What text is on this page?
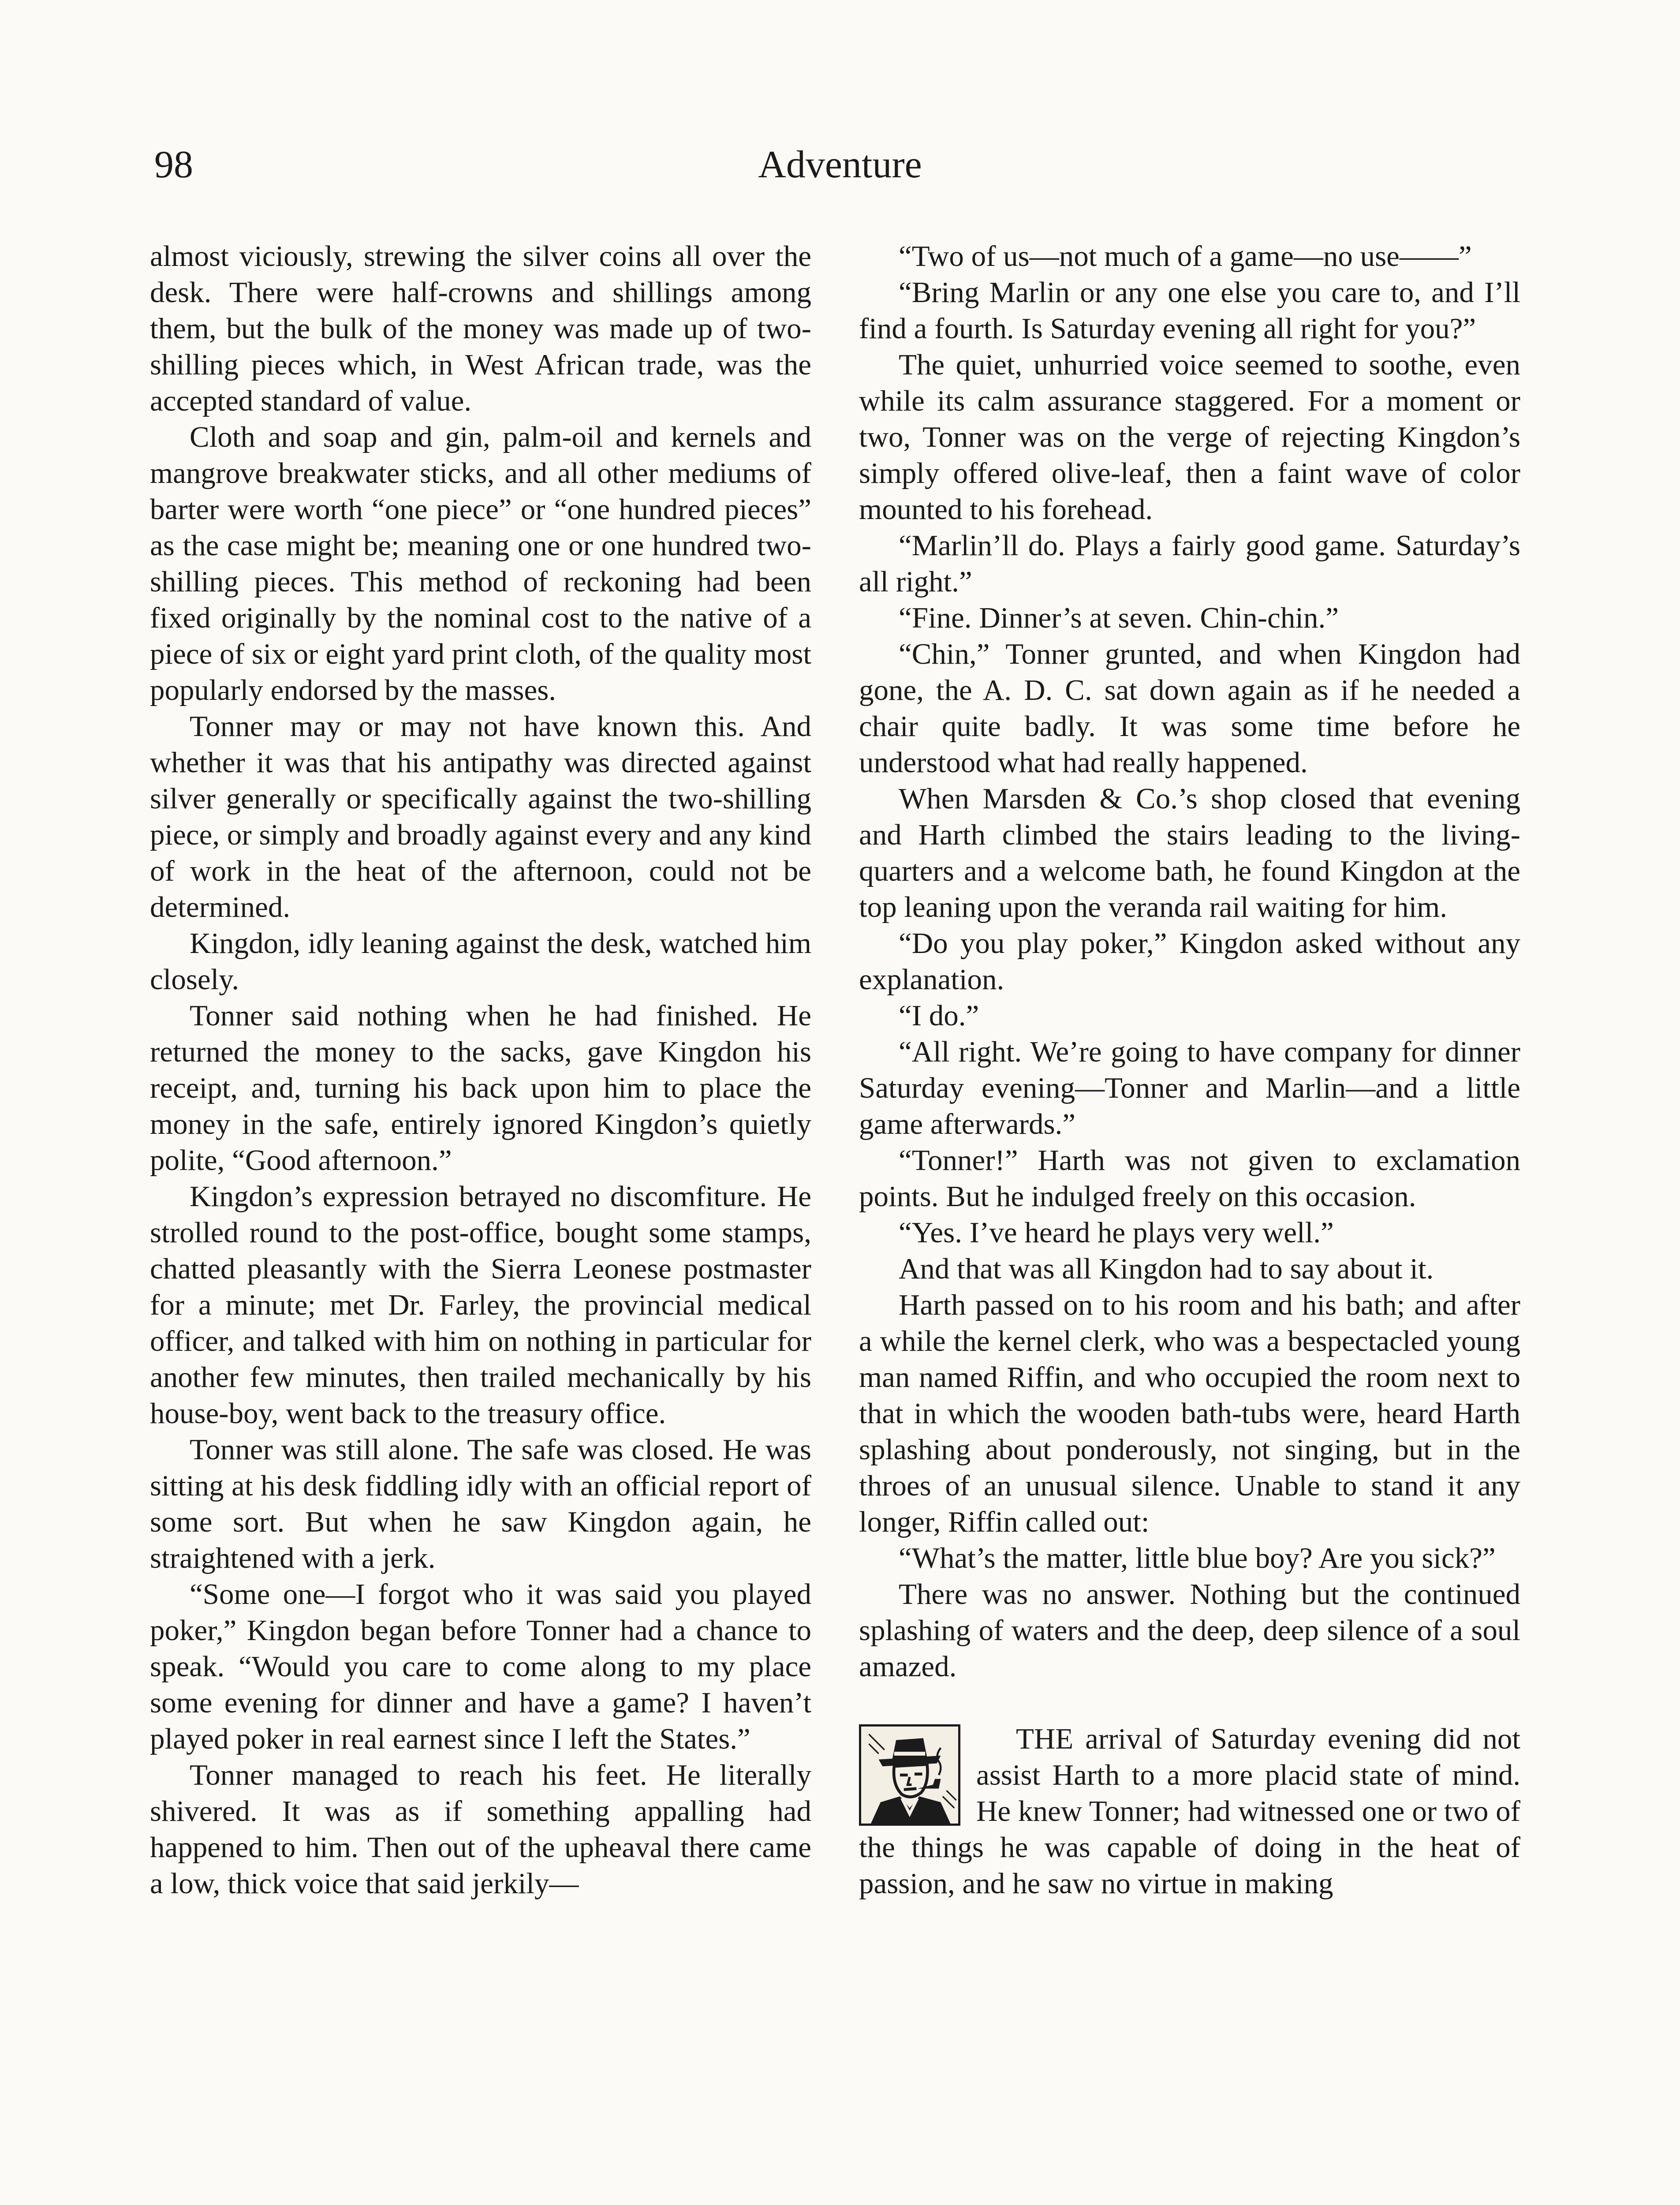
98	Adventure

almost viciously, strewing the silver coins all over the desk. There were half-crowns and shillings among them, but the bulk of the money was made up of two-shilling pieces which, in West African trade, was the accepted standard of value.

Cloth and soap and gin, palm-oil and kernels and mangrove breakwater sticks, and all other mediums of barter were worth “one piece” or “one hundred pieces” as the case might be; meaning one or one hundred two-shilling pieces. This method of reckoning had been fixed originally by the nominal cost to the native of a piece of six or eight yard print cloth, of the quality most popularly endorsed by the masses.

Tonner may or may not have known this. And whether it was that his antipathy was directed against silver generally or specifically against the two-shilling piece, or simply and broadly against every and any kind of work in the heat of the afternoon, could not be determined.

Kingdon, idly leaning against the desk, watched him closely.

Tonner said nothing when he had finished. He returned the money to the sacks, gave Kingdon his receipt, and, turning his back upon him to place the money in the safe, entirely ignored Kingdon’s quietly polite, “Good afternoon.”

Kingdon’s expression betrayed no discomfiture. He strolled round to the post-office, bought some stamps, chatted pleasantly with the Sierra Leonese postmaster for a minute; met Dr. Farley, the provincial medical officer, and talked with him on nothing in particular for another few minutes, then trailed mechanically by his house-boy, went back to the treasury office.

Tonner was still alone. The safe was closed. He was sitting at his desk fiddling idly with an official report of some sort. But when he saw Kingdon again, he straightened with a jerk.

“Some one—I forgot who it was said you played poker,” Kingdon began before Tonner had a chance to speak. “Would you care to come along to my place some evening for dinner and have a game? I haven’t played poker in real earnest since I left the States.”

Tonner managed to reach his feet. He literally shivered. It was as if something appalling had happened to him. Then out of the upheaval there came a low, thick voice that said jerkily—

“Two of us—not much of a game—no use——”

“Bring Marlin or any one else you care to, and I’ll find a fourth. Is Saturday evening all right for you?”

The quiet, unhurried voice seemed to soothe, even while its calm assurance staggered. For a moment or two, Tonner was on the verge of rejecting Kingdon’s simply offered olive-leaf, then a faint wave of color mounted to his forehead.

“Marlin’ll do. Plays a fairly good game. Saturday’s all right.”

“Fine. Dinner’s at seven. Chin-chin.”

“Chin,” Tonner grunted, and when Kingdon had gone, the A. D. C. sat down again as if he needed a chair quite badly. It was some time before he understood what had really happened.

When Marsden & Co.’s shop closed that evening and Harth climbed the stairs leading to the living-quarters and a welcome bath, he found Kingdon at the top leaning upon the veranda rail waiting for him.

“Do you play poker,” Kingdon asked without any explanation.

“I do.”

“All right. We’re going to have company for dinner Saturday evening—Tonner and Marlin—and a little game afterwards.”

“Tonner!” Harth was not given to exclamation points. But he indulged freely on this occasion.

“Yes. I’ve heard he plays very well.”

And that was all Kingdon had to say about it.

Harth passed on to his room and his bath; and after a while the kernel clerk, who was a bespectacled young man named Riffin, and who occupied the room next to that in which the wooden bath-tubs were, heard Harth splashing about ponderously, not singing, but in the throes of an unusual silence. Unable to stand it any longer, Riffin called out:

“What’s the matter, little blue boy? Are you sick?”

There was no answer. Nothing but the continued splashing of waters and the deep, deep silence of a soul amazed.

THE arrival of Saturday evening did not assist Harth to a more placid state of mind. He knew Tonner; had witnessed one or two of the things he was capable of doing in the heat of passion, and he saw no virtue in making
